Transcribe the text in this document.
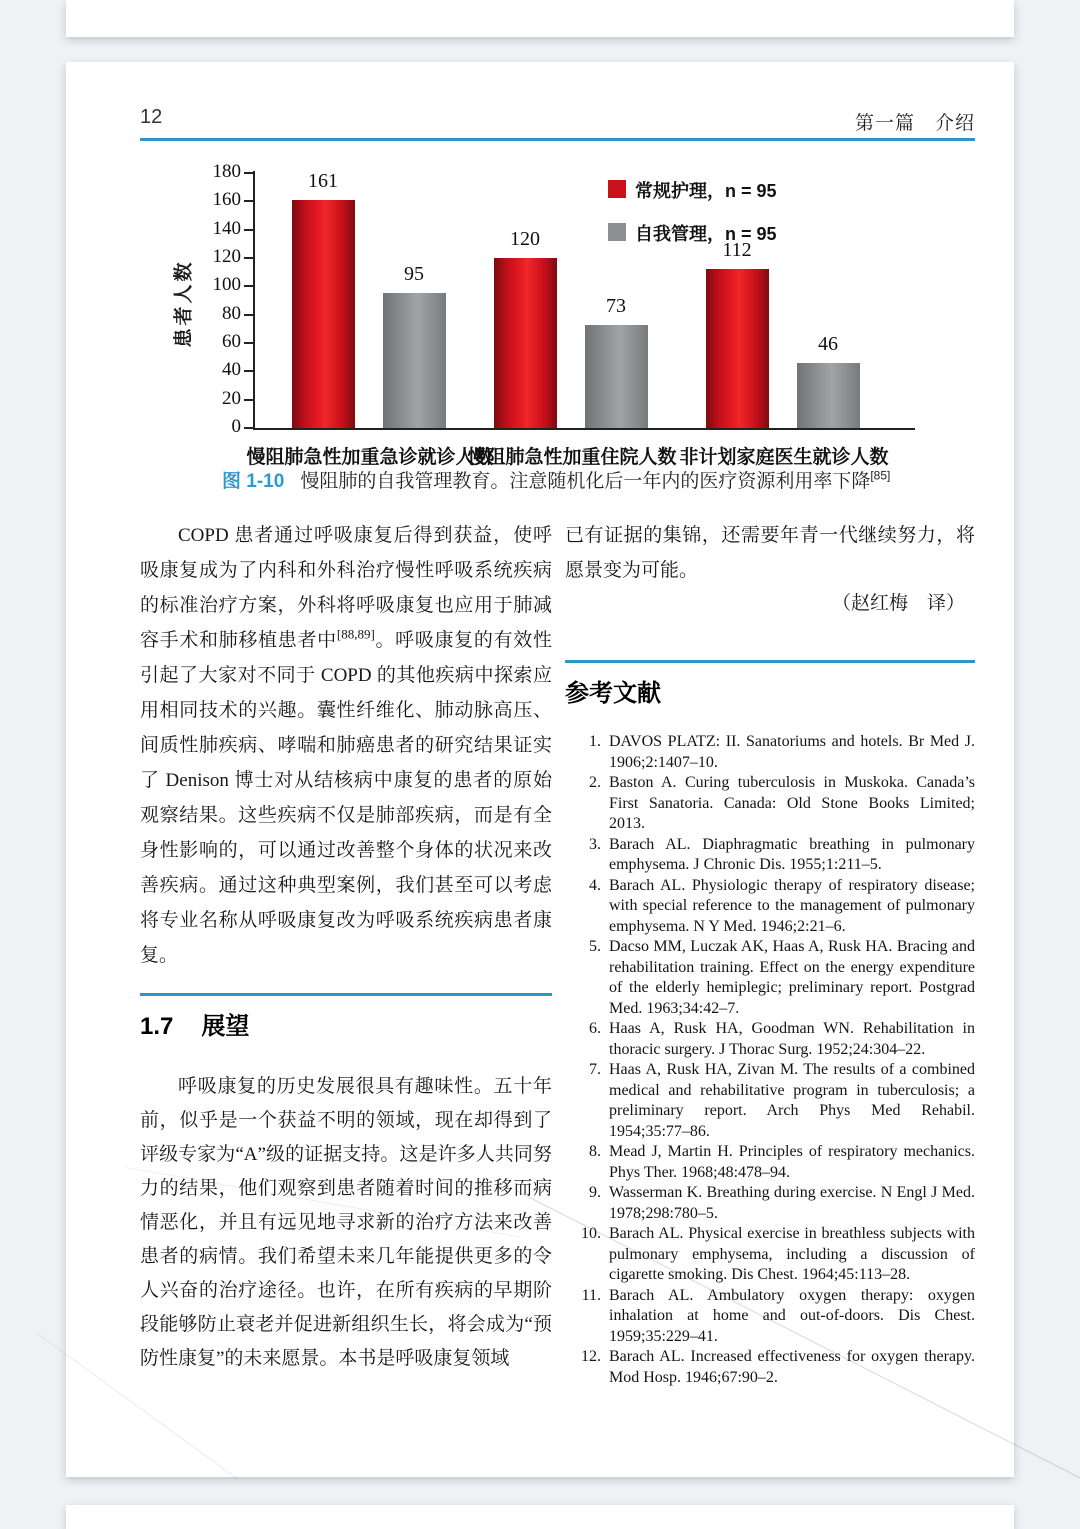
12	第一篇　介绍
0
20
40
60
80
100
120
140
160
180
患者人数
161
95
慢阻肺急性加重急诊就诊人数
120
73
慢阻肺急性加重住院人数
112
46
非计划家庭医生就诊人数
常规护理，n = 95
自我管理，n = 95
图 1-10 慢阻肺的自我管理教育。注意随机化后一年内的医疗资源利用率下降[85]

COPD 患者通过呼吸康复后得到获益，使呼吸康复成为了内科和外科治疗慢性呼吸系统疾病的标准治疗方案，外科将呼吸康复也应用于肺减容手术和肺移植患者中[88,89]。呼吸康复的有效性引起了大家对不同于 COPD 的其他疾病中探索应用相同技术的兴趣。囊性纤维化、肺动脉高压、间质性肺疾病、哮喘和肺癌患者的研究结果证实了 Denison 博士对从结核病中康复的患者的原始观察结果。这些疾病不仅是肺部疾病，而是有全身性影响的，可以通过改善整个身体的状况来改善疾病。通过这种典型案例，我们甚至可以考虑将专业名称从呼吸康复改为呼吸系统疾病患者康复。

1.7 展望

呼吸康复的历史发展很具有趣味性。五十年前，似乎是一个获益不明的领域，现在却得到了评级专家为“A”级的证据支持。这是许多人共同努力的结果，他们观察到患者随着时间的推移而病情恶化，并且有远见地寻求新的治疗方法来改善患者的病情。我们希望未来几年能提供更多的令人兴奋的治疗途径。也许，在所有疾病的早期阶段能够防止衰老并促进新组织生长，将会成为“预防性康复”的未来愿景。本书是呼吸康复领域

已有证据的集锦，还需要年青一代继续努力，将愿景变为可能。

（赵红梅　译）

参考文献
1. DAVOS PLATZ: II. Sanatoriums and hotels. Br Med J. 1906;2:1407–10.
2. Baston A. Curing tuberculosis in Muskoka. Canada’s First Sanatoria. Canada: Old Stone Books Limited; 2013.
3. Barach AL. Diaphragmatic breathing in pulmonary emphysema. J Chronic Dis. 1955;1:211–5.
4. Barach AL. Physiologic therapy of respiratory disease; with special reference to the management of pulmonary emphysema. N Y Med. 1946;2:21–6.
5. Dacso MM, Luczak AK, Haas A, Rusk HA. Bracing and rehabilitation training. Effect on the energy expenditure of the elderly hemiplegic; preliminary report. Postgrad Med. 1963;34:42–7.
6. Haas A, Rusk HA, Goodman WN. Rehabilitation in thoracic surgery. J Thorac Surg. 1952;24:304–22.
7. Haas A, Rusk HA, Zivan M. The results of a combined medical and rehabilitative program in tuberculosis; a preliminary report. Arch Phys Med Rehabil. 1954;35:77–86.
8. Mead J, Martin H. Principles of respiratory mechanics. Phys Ther. 1968;48:478–94.
9. Wasserman K. Breathing during exercise. N Engl J Med. 1978;298:780–5.
10. Barach AL. Physical exercise in breathless subjects with pulmonary emphysema, including a discussion of cigarette smoking. Dis Chest. 1964;45:113–28.
11. Barach AL. Ambulatory oxygen therapy: oxygen inhalation at home and out-of-doors. Dis Chest. 1959;35:229–41.
12. Barach AL. Increased effectiveness for oxygen therapy. Mod Hosp. 1946;67:90–2.
